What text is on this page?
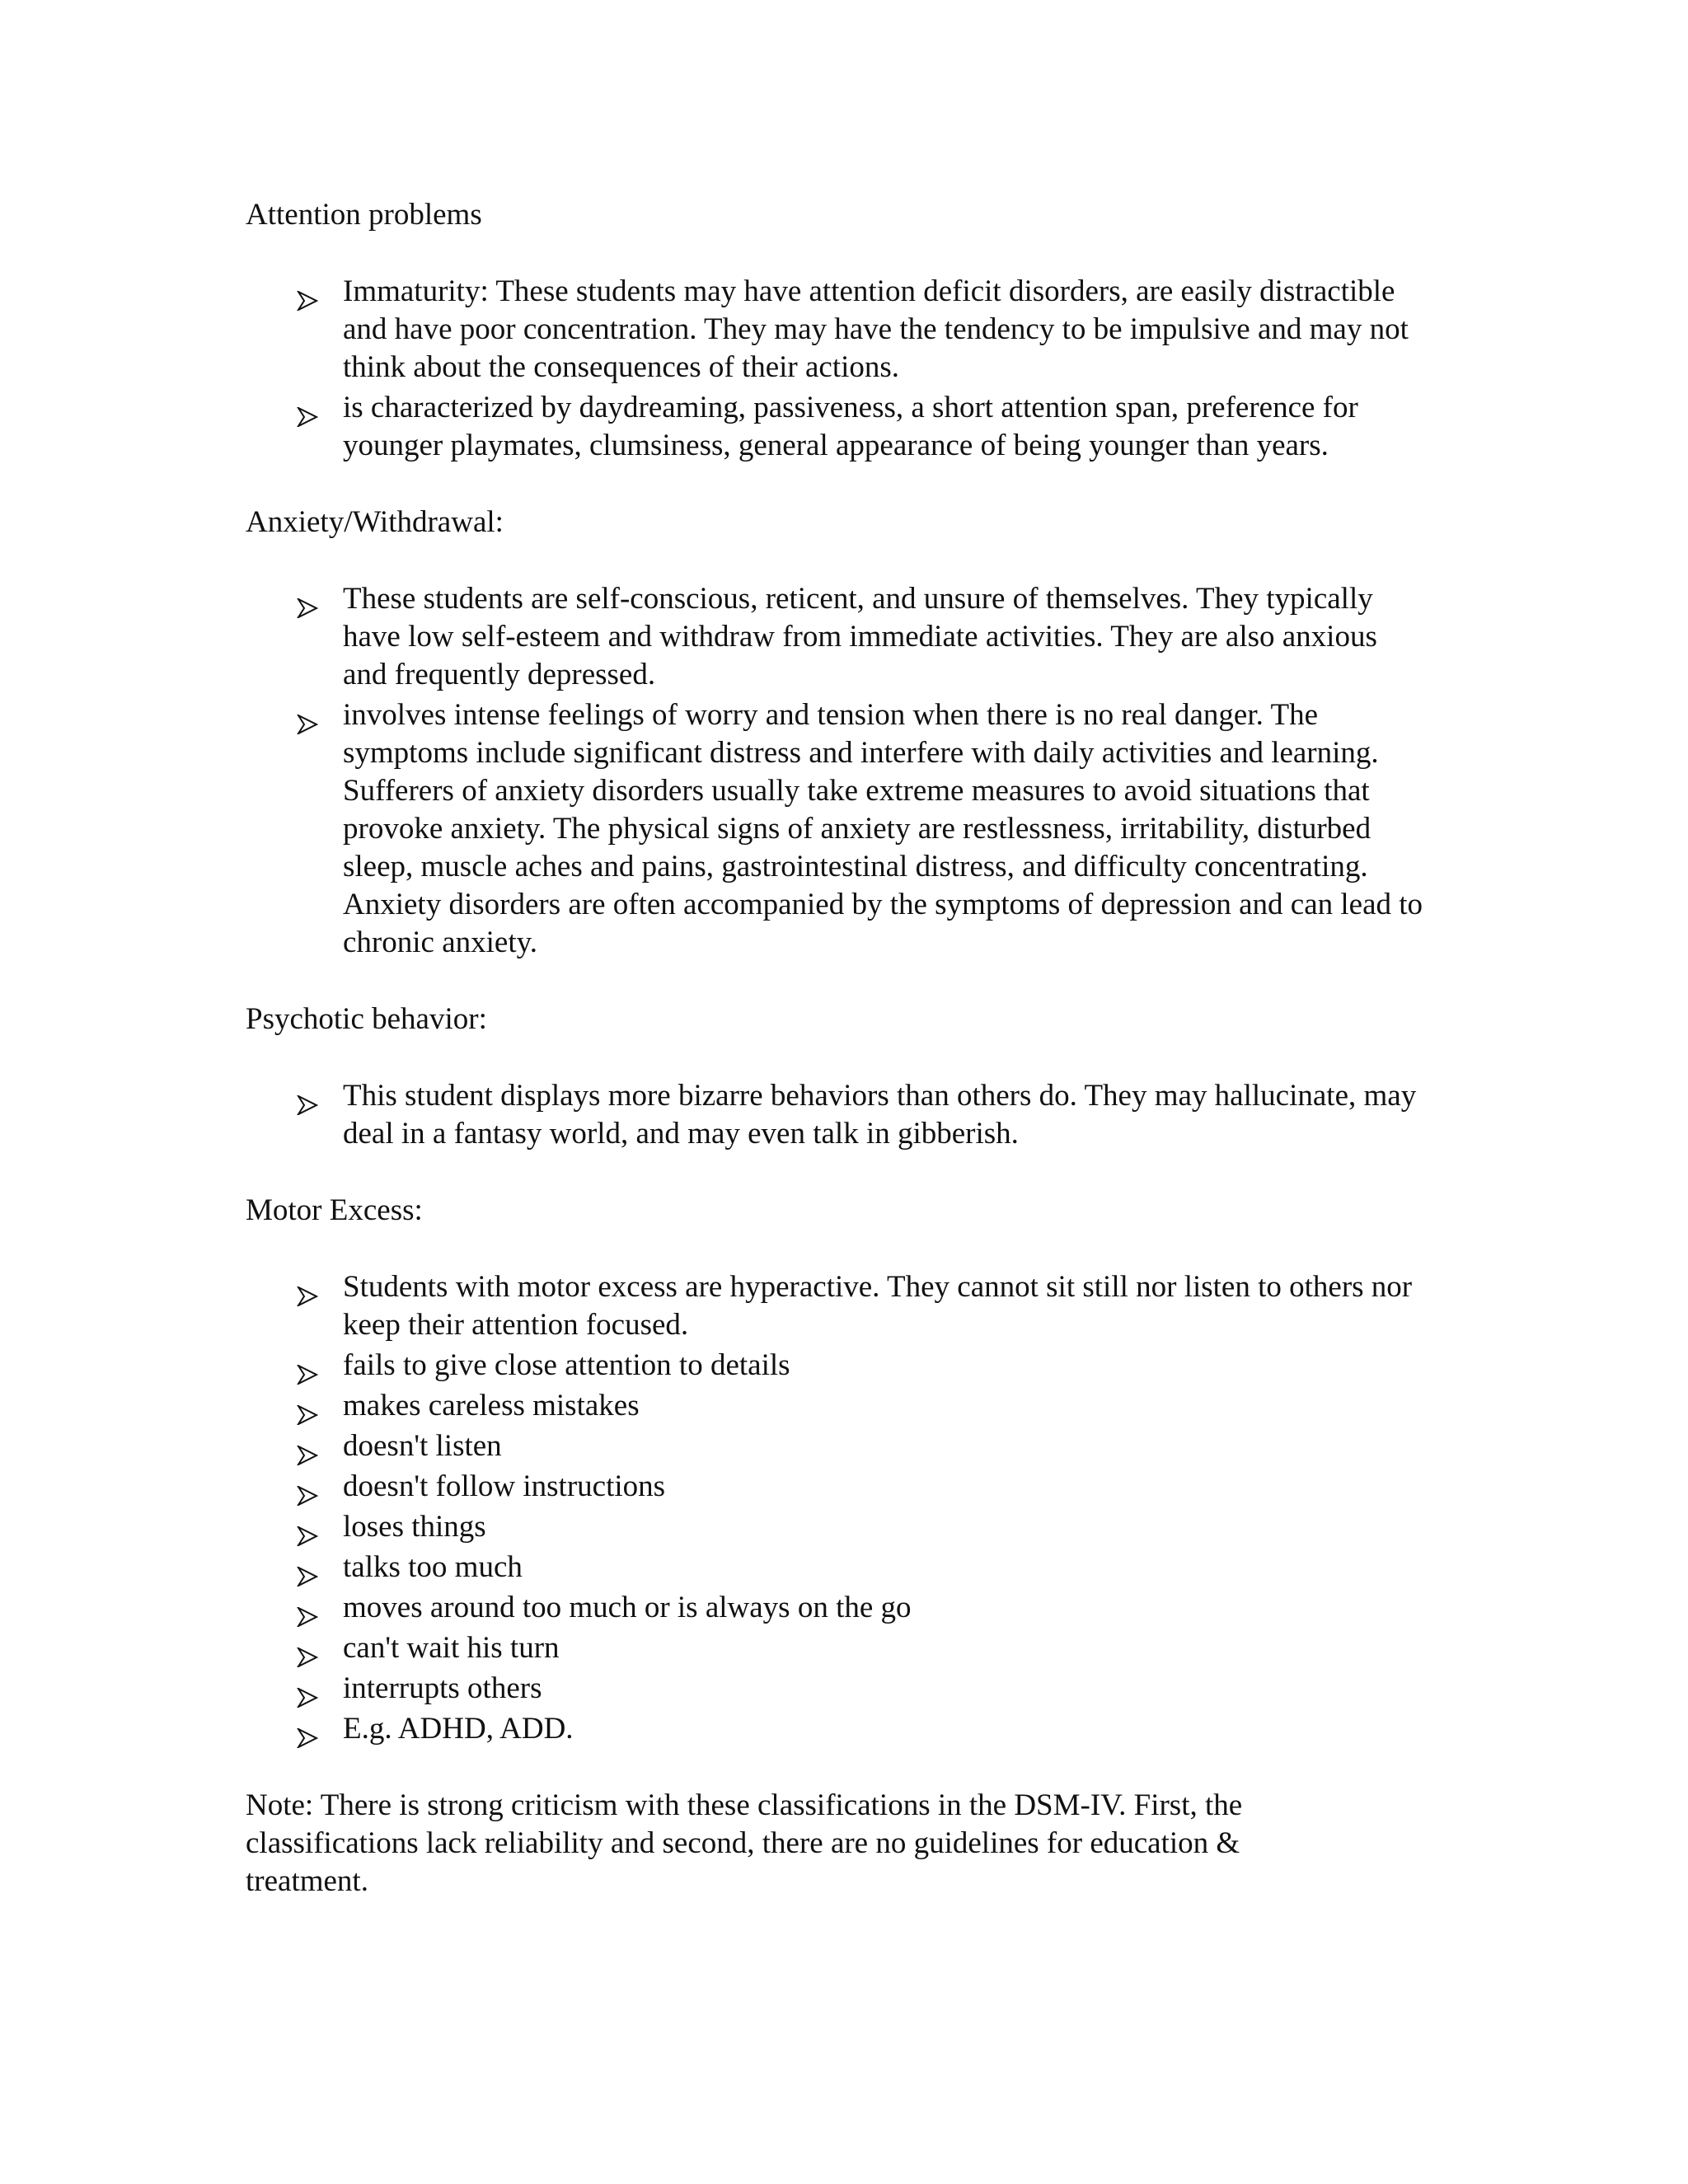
Attention problems

Immaturity: These students may have attention deficit disorders, are easily distractible and have poor concentration. They may have the tendency to be impulsive and may not think about the consequences of their actions.
is characterized by daydreaming, passiveness, a short attention span, preference for younger playmates, clumsiness, general appearance of being younger than years.

Anxiety/Withdrawal:

These students are self-conscious, reticent, and unsure of themselves. They typically have low self-esteem and withdraw from immediate activities. They are also anxious and frequently depressed.
involves intense feelings of worry and tension when there is no real danger. The symptoms include significant distress and interfere with daily activities and learning. Sufferers of anxiety disorders usually take extreme measures to avoid situations that provoke anxiety. The physical signs of anxiety are restlessness, irritability, disturbed sleep, muscle aches and pains, gastrointestinal distress, and difficulty concentrating. Anxiety disorders are often accompanied by the symptoms of depression and can lead to chronic anxiety.

Psychotic behavior:

This student displays more bizarre behaviors than others do. They may hallucinate, may deal in a fantasy world, and may even talk in gibberish.

Motor Excess:

Students with motor excess are hyperactive. They cannot sit still nor listen to others nor keep their attention focused.
fails to give close attention to details
makes careless mistakes
doesn't listen
doesn't follow instructions
loses things
talks too much
moves around too much or is always on the go
can't wait his turn
interrupts others
E.g. ADHD, ADD.

Note: There is strong criticism with these classifications in the DSM-IV. First, the classifications lack reliability and second, there are no guidelines for education & treatment.
